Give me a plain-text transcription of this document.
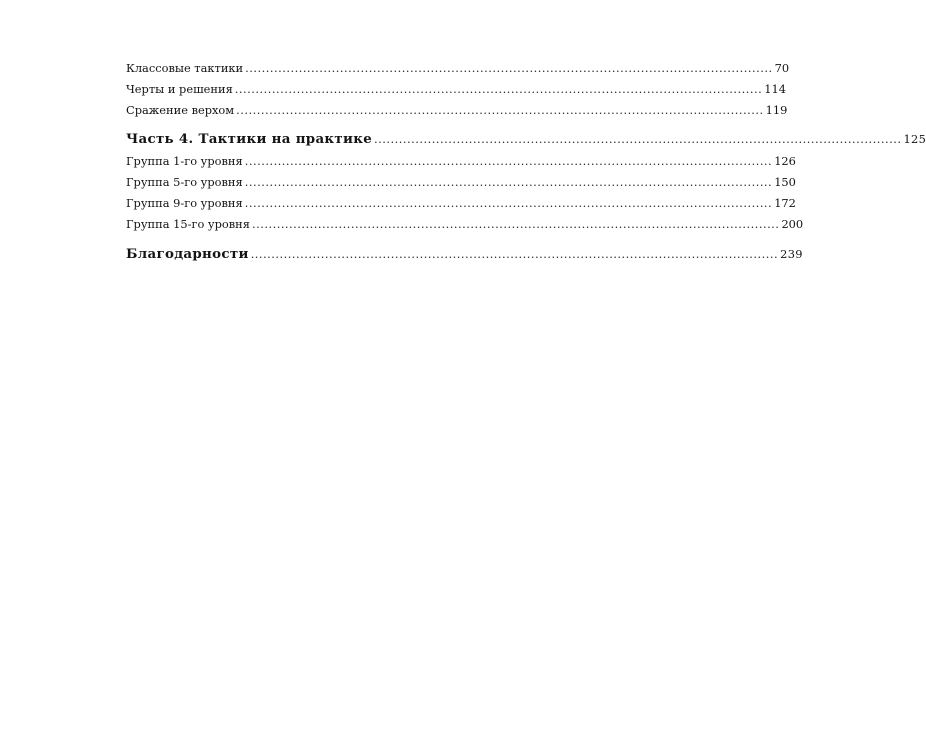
Классовые тактики ................................................................................................................................ 70
Черты и решения ................................................................................................................................ 114
Сражение верхом ................................................................................................................................ 119
Часть 4. Тактики на практике ................................................................................................................................ 125
Группа 1-го уровня ................................................................................................................................ 126
Группа 5-го уровня ................................................................................................................................ 150
Группа 9-го уровня ................................................................................................................................ 172
Группа 15-го уровня ................................................................................................................................ 200
Благодарности ................................................................................................................................ 239
